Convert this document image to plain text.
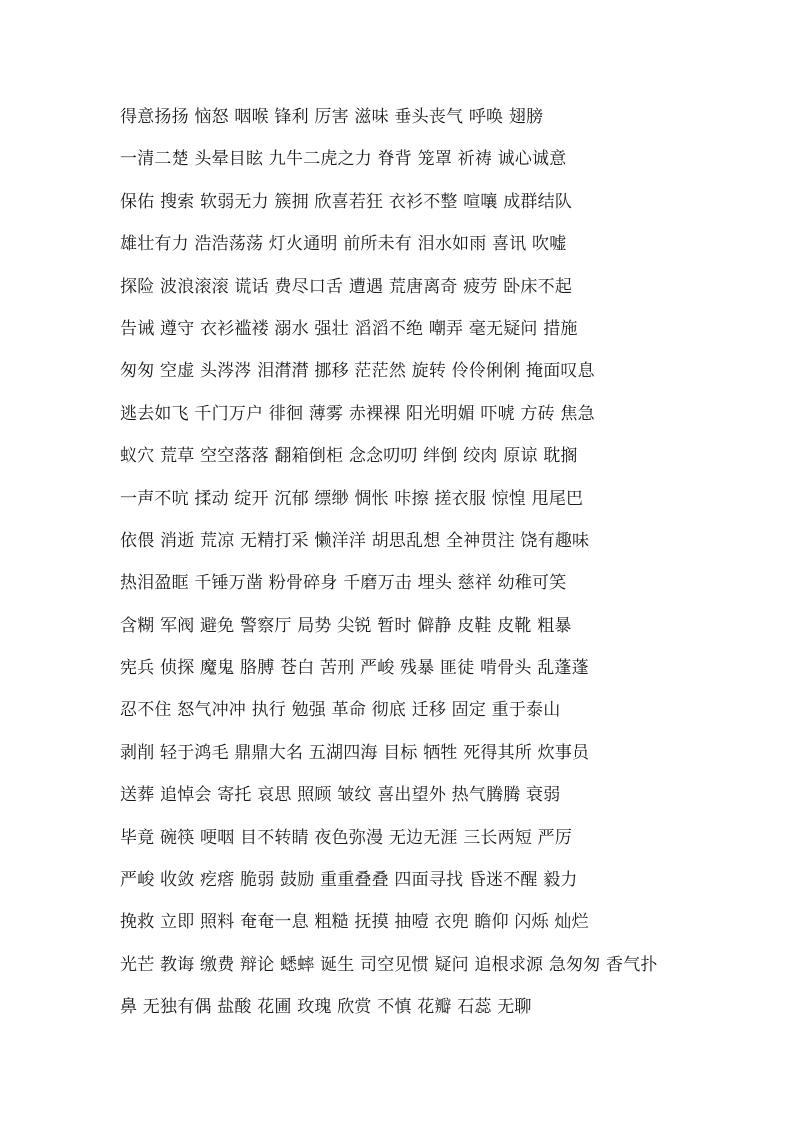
得意扬扬 恼怒 咽喉 锋利 厉害 滋味 垂头丧气 呼唤 翅膀
一清二楚 头晕目眩 九牛二虎之力 脊背 笼罩 祈祷 诚心诚意
保佑 搜索 软弱无力 簇拥 欣喜若狂 衣衫不整 喧嚷 成群结队
雄壮有力 浩浩荡荡 灯火通明 前所未有 泪水如雨 喜讯 吹嘘
探险 波浪滚滚 谎话 费尽口舌 遭遇 荒唐离奇 疲劳 卧床不起
告诫 遵守 衣衫褴褛 溺水 强壮 滔滔不绝 嘲弄 毫无疑问 措施
匆匆 空虚 头涔涔 泪潸潸 挪移 茫茫然 旋转 伶伶俐俐 掩面叹息
逃去如飞 千门万户 徘徊 薄雾 赤裸裸 阳光明媚 吓唬 方砖 焦急
蚁穴 荒草 空空落落 翻箱倒柜 念念叨叨 绊倒 绞肉 原谅 耽搁
一声不吭 揉动 绽开 沉郁 缥缈 惆怅 咔擦 搓衣服 惊惶 甩尾巴
依偎 消逝 荒凉 无精打采 懒洋洋 胡思乱想 全神贯注 饶有趣味
热泪盈眶 千锤万凿 粉骨碎身 千磨万击 埋头 慈祥 幼稚可笑
含糊 军阀 避免 警察厅 局势 尖锐 暂时 僻静 皮鞋 皮靴 粗暴
宪兵 侦探 魔鬼 胳膊 苍白 苦刑 严峻 残暴 匪徒 啃骨头 乱蓬蓬
忍不住 怒气冲冲 执行 勉强 革命 彻底 迁移 固定 重于泰山
剥削 轻于鸿毛 鼎鼎大名 五湖四海 目标 牺牲 死得其所 炊事员
送葬 追悼会 寄托 哀思 照顾 皱纹 喜出望外 热气腾腾 衰弱
毕竟 碗筷 哽咽 目不转睛 夜色弥漫 无边无涯 三长两短 严厉
严峻 收敛 疙瘩 脆弱 鼓励 重重叠叠 四面寻找 昏迷不醒 毅力
挽救 立即 照料 奄奄一息 粗糙 抚摸 抽噎 衣兜 瞻仰 闪烁 灿烂
光芒 教诲 缴费 辩论 蟋蟀 诞生 司空见惯 疑问 追根求源 急匆匆 香气扑
鼻 无独有偶 盐酸 花圃 玫瑰 欣赏 不慎 花瓣 石蕊 无聊
